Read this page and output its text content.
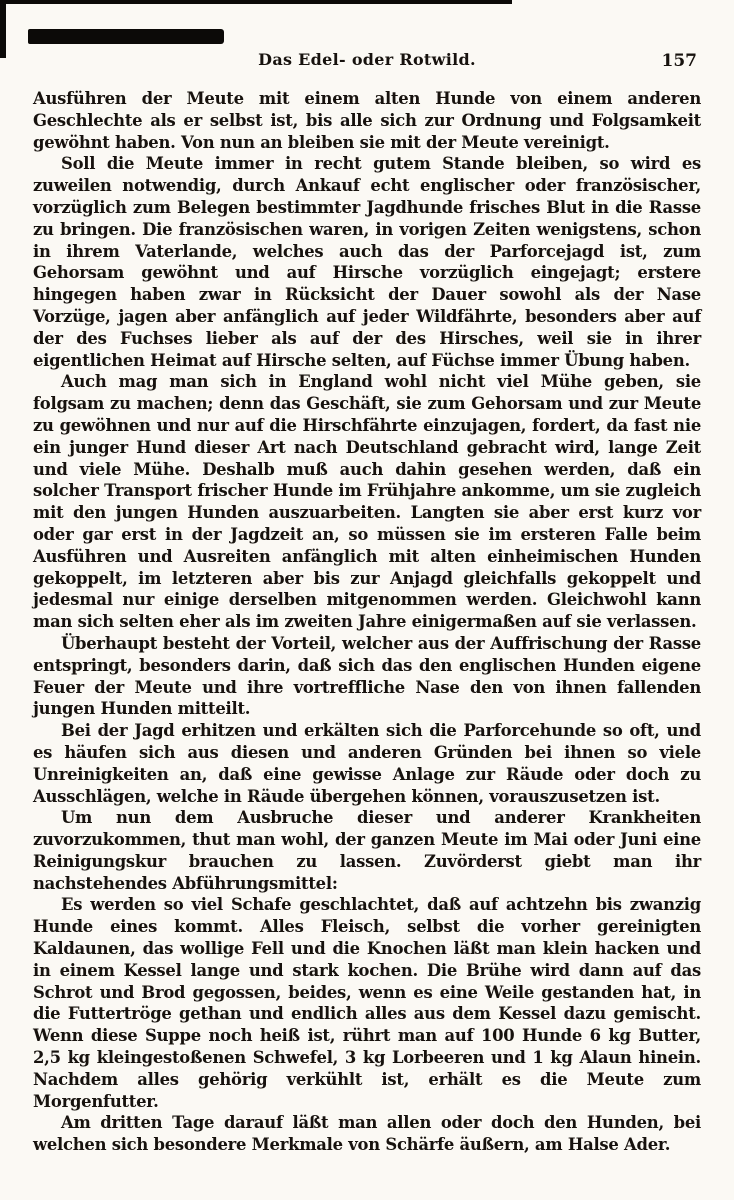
Das Edel- oder Rotwild.	157

Ausführen der Meute mit einem alten Hunde von einem anderen Geschlechte als er selbst ist, bis alle sich zur Ordnung und Folgsamkeit gewöhnt haben. Von nun an bleiben sie mit der Meute vereinigt.

Soll die Meute immer in recht gutem Stande bleiben, so wird es zuweilen notwendig, durch Ankauf echt englischer oder französischer, vorzüglich zum Belegen bestimmter Jagdhunde frisches Blut in die Rasse zu bringen. Die französischen waren, in vorigen Zeiten wenigstens, schon in ihrem Vaterlande, welches auch das der Parforcejagd ist, zum Gehorsam gewöhnt und auf Hirsche vorzüglich eingejagt; erstere hingegen haben zwar in Rücksicht der Dauer sowohl als der Nase Vorzüge, jagen aber anfänglich auf jeder Wildfährte, besonders aber auf der des Fuchses lieber als auf der des Hirsches, weil sie in ihrer eigentlichen Heimat auf Hirsche selten, auf Füchse immer Übung haben.

Auch mag man sich in England wohl nicht viel Mühe geben, sie folgsam zu machen; denn das Geschäft, sie zum Gehorsam und zur Meute zu gewöhnen und nur auf die Hirschfährte einzujagen, fordert, da fast nie ein junger Hund dieser Art nach Deutschland gebracht wird, lange Zeit und viele Mühe. Deshalb muß auch dahin gesehen werden, daß ein solcher Transport frischer Hunde im Frühjahre ankomme, um sie zugleich mit den jungen Hunden auszuarbeiten. Langten sie aber erst kurz vor oder gar erst in der Jagdzeit an, so müssen sie im ersteren Falle beim Ausführen und Ausreiten anfänglich mit alten einheimischen Hunden gekoppelt, im letzteren aber bis zur Anjagd gleichfalls gekoppelt und jedesmal nur einige derselben mitgenommen werden. Gleichwohl kann man sich selten eher als im zweiten Jahre einigermaßen auf sie verlassen.

Überhaupt besteht der Vorteil, welcher aus der Auffrischung der Rasse entspringt, besonders darin, daß sich das den englischen Hunden eigene Feuer der Meute und ihre vortreffliche Nase den von ihnen fallenden jungen Hunden mitteilt.

Bei der Jagd erhitzen und erkälten sich die Parforcehunde so oft, und es häufen sich aus diesen und anderen Gründen bei ihnen so viele Unreinigkeiten an, daß eine gewisse Anlage zur Räude oder doch zu Ausschlägen, welche in Räude übergehen können, vorauszusetzen ist.

Um nun dem Ausbruche dieser und anderer Krankheiten zuvorzukommen, thut man wohl, der ganzen Meute im Mai oder Juni eine Reinigungskur brauchen zu lassen. Zuvörderst giebt man ihr nachstehendes Abführungsmittel:

Es werden so viel Schafe geschlachtet, daß auf achtzehn bis zwanzig Hunde eines kommt. Alles Fleisch, selbst die vorher gereinigten Kaldaunen, das wollige Fell und die Knochen läßt man klein hacken und in einem Kessel lange und stark kochen. Die Brühe wird dann auf das Schrot und Brod gegossen, beides, wenn es eine Weile gestanden hat, in die Futtertröge gethan und endlich alles aus dem Kessel dazu gemischt. Wenn diese Suppe noch heiß ist, rührt man auf 100 Hunde 6 kg Butter, 2,5 kg kleingestoßenen Schwefel, 3 kg Lorbeeren und 1 kg Alaun hinein. Nachdem alles gehörig verkühlt ist, erhält es die Meute zum Morgenfutter.

Am dritten Tage darauf läßt man allen oder doch den Hunden, bei welchen sich besondere Merkmale von Schärfe äußern, am Halse Ader.
